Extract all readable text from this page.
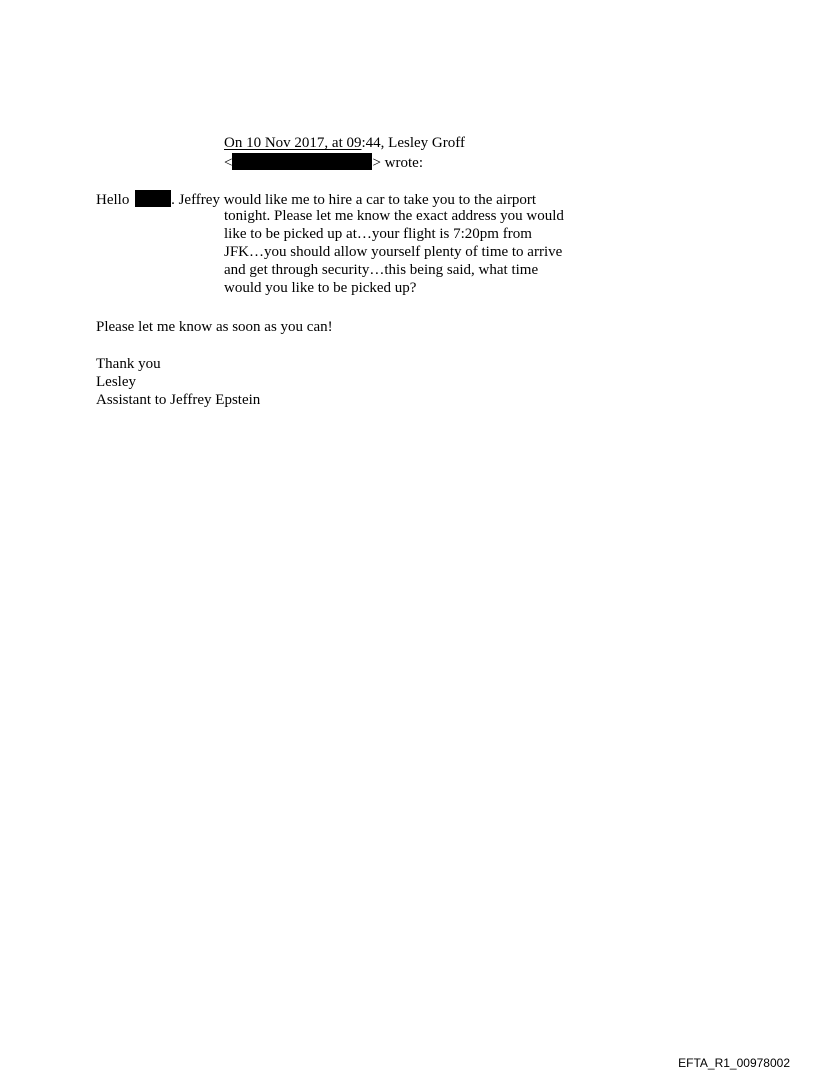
On 10 Nov 2017, at 09:44, Lesley Groff
<	> wrote:
Hello	. Jeffrey would like me to hire a car to take you to the airport
tonight. Please let me know the exact address you would
like to be picked up at…your flight is 7:20pm from
JFK…you should allow yourself plenty of time to arrive
and get through security…this being said, what time
would you like to be picked up?
Please let me know as soon as you can!
Thank you
Lesley
Assistant to Jeffrey Epstein
EFTA_R1_00978002
